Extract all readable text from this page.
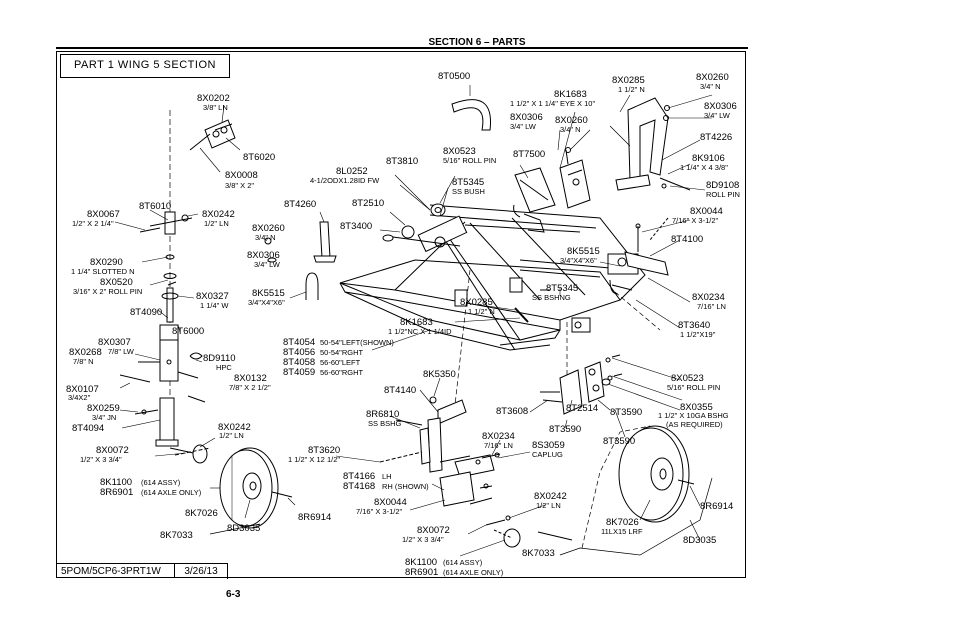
SECTION 6 – PARTS
PART 1 WING 5 SECTION
5POM/5CP6-3PRT1W	3/26/13
6-3
8X0202
3/8" LN
8T6020
8X0008
3/8" X 2"
8T6010
8X0067
1/2" X 2 1/4"
8X0242
1/2" LN
8X0290
1 1/4" SLOTTED N
8X0520
3/16" X 2" ROLL PIN	8X0327
1 1/4" W
8T4090
8T6000
8X0307
7/8" LW
8X0268
7/8" N	8D9110
HPC
8X0132
7/8" X 2 1/2"
8X0107
3/4X2"
8X0259
3/4" JN
8T4094	8X0242
1/2" LN
8X0072
1/2" X 3 3/4"
8K1100 (614 ASSY)
8R6901 (614 AXLE ONLY)
8K7026	8R6914
8K7033
8D3035
8T0500
8K1683
1 1/2" X 1 1/4" EYE X 10"
8X0285
1 1/2" N
8X0260
3/4" N
8X0306
3/4" LW
8X0306
3/4" LW
8X0260
3/4" N
8T4226
8K9106
1 1/4" X 4 3/8"
8D9108
ROLL PIN
8X0523
5/16" ROLL PIN
8T3810
8L0252
4-1/2ODX1.28ID FW	8T5345
SS BUSH
8T7500
8T2510
8T4260
8T3400
8X0044
7/16" X 3-1/2"
8T4100
8X0260
3/4" N
8X0306
3/4" LW
8K5515
3/4"X4"X6"
8K5515
3/4"X4"X6"
8T5345
SS BSHNG
8X0285
1 1/2" N
8X0234
7/16" LN
8K1683
1 1/2"NC X 1 1/4ID
8T3640
1 1/2"X19"
8T4054 50-54"LEFT(SHOWN)
8T4056 50-54"RGHT
8T4058 56-60"LEFT
8T4059 56-60"RGHT	8K5350
8T4140
8X0523
5/16" ROLL PIN
8R6810
SS BSHG
8T3608	8T2514 8T3590	8X0355
1 1/2" X 10GA BSHG
(AS REQUIRED)
8T3590
8T3590
8X0234
7/16" LN 8S3059
CAPLUG
8T3620
1 1/2" X 12 1/2"
8T4166 LH
8T4168 RH (SHOWN)
8X0242
1/2" LN
8X0044
7/16" X 3-1/2"
8X0072
1/2" X 3 3/4"
8K1100 (614 ASSY)
8R6901 (614 AXLE ONLY)
8K7033
8K7026
11LX15 LRF
8D3035
8R6914
